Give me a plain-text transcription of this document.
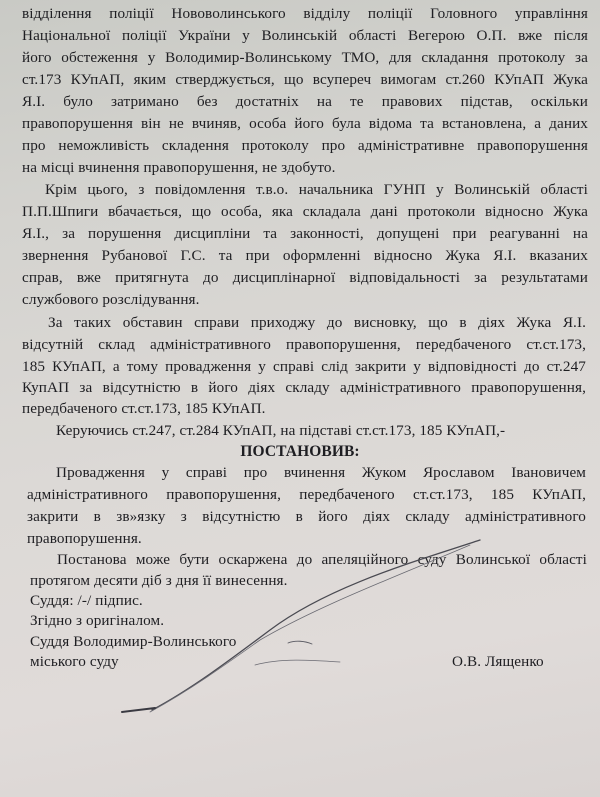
відділення поліції Нововолинського відділу поліції Головного управління
Національної поліції України у Волинській області Вегерою О.П. вже після
його обстеження у Володимир-Волинському ТМО, для складання протоколу за
ст.173 КУпАП, яким стверджується, що всупереч вимогам ст.260 КУпАП Жука
Я.І. було затримано без достатніх на те правових підстав, оскільки
правопорушення він не вчиняв, особа його була відома та встановлена, а даних
про неможливість складення протоколу про адміністративне правопорушення
на місці вчинення правопорушення, не здобуто.
Крім цього, з повідомлення т.в.о. начальника ГУНП у Волинській області
П.П.Шпиги вбачається, що особа, яка складала дані протоколи відносно Жука
Я.І., за порушення дисципліни та законності, допущені при реагуванні на
звернення Рубанової Г.С. та при оформленні відносно Жука Я.І. вказаних
справ, вже притягнута до дисциплінарної відповідальності за результатами
службового розслідування.
За таких обставин справи приходжу до висновку, що в діях Жука Я.І.
відсутній склад адміністративного правопорушення, передбаченого ст.ст.173,
185 КУпАП, а тому провадження у справі слід закрити у відповідності до ст.247
КупАП за відсутністю в його діях складу адміністративного правопорушення,
передбаченого ст.ст.173, 185 КУпАП.
Керуючись ст.247, ст.284 КУпАП, на підставі ст.ст.173, 185 КУпАП,-
ПОСТАНОВИВ:
Провадження у справі про вчинення Жуком Ярославом Івановичем
адміністративного правопорушення, передбаченого ст.ст.173, 185 КУпАП,
закрити в зв»язку з відсутністю в його діях складу адміністративного
правопорушення.
Постанова може бути оскаржена до апеляційного суду Волинської області
протягом десяти діб з дня її винесення.
Суддя: /-/ підпис.
Згідно з оригіналом.
Суддя Володимир-Волинського
міського суду	О.В. Лященко
